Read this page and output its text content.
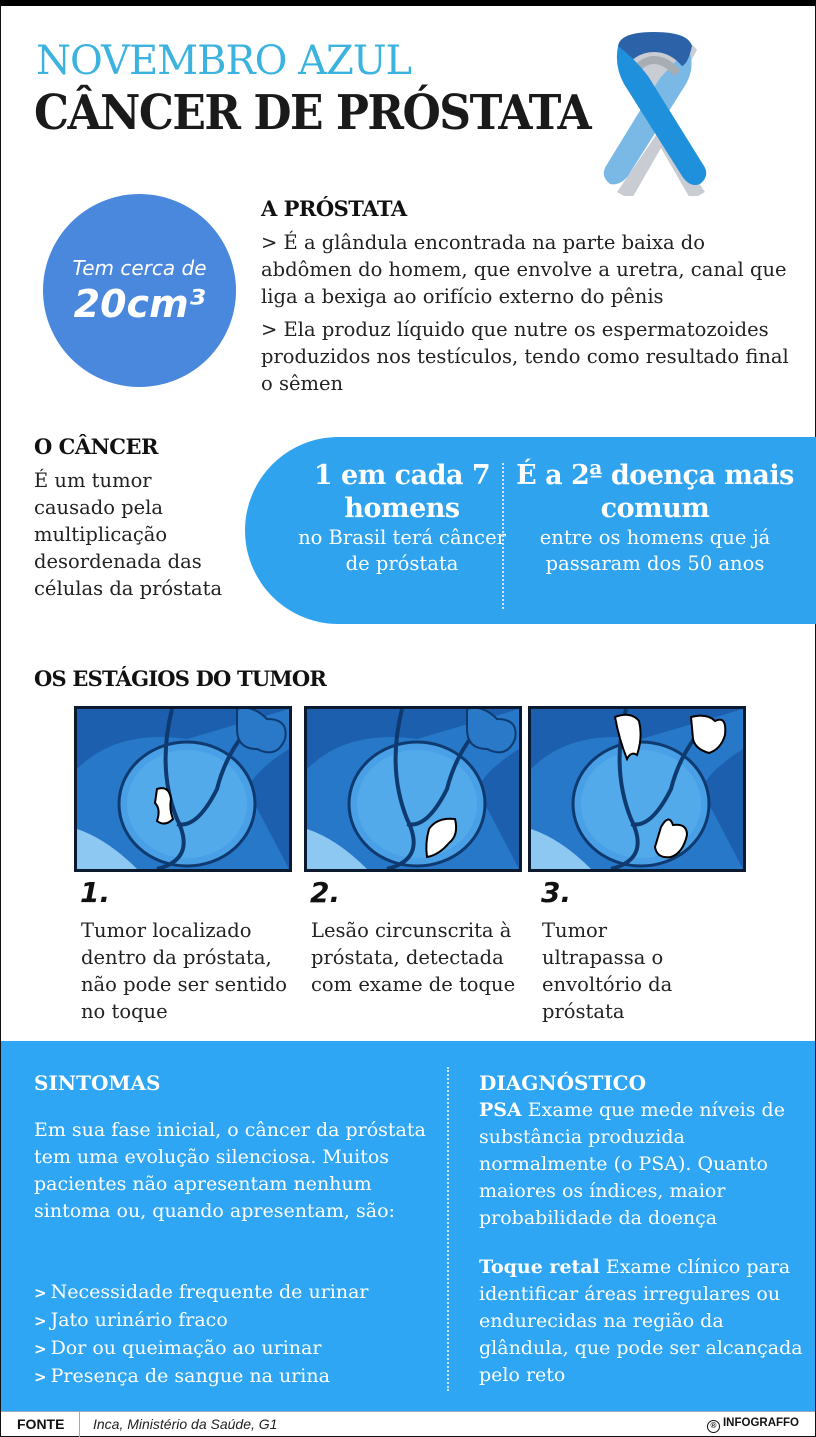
NOVEMBRO AZUL
CÂNCER DE PRÓSTATA
Tem cerca de
20cm³
A PRÓSTATA
> É a glândula encontrada na parte baixa do abdômen do homem, que envolve a uretra, canal que liga a bexiga ao orifício externo do pênis
> Ela produz líquido que nutre os espermatozoides produzidos nos testículos, tendo como resultado final o sêmen
O CÂNCER
É um tumor causado pela multiplicação desordenada das células da próstata
1 em cada 7 homens
no Brasil terá câncer de próstata
É a 2ª doença mais comum
entre os homens que já passaram dos 50 anos
OS ESTÁGIOS DO TUMOR
1.	2.	3.
Tumor localizado dentro da próstata, não pode ser sentido no toque
Lesão circunscrita à próstata, detectada com exame de toque
Tumor ultrapassa o envoltório da próstata
SINTOMAS
Em sua fase inicial, o câncer da próstata tem uma evolução silenciosa. Muitos pacientes não apresentam nenhum sintoma ou, quando apresentam, são:
> Necessidade frequente de urinar
> Jato urinário fraco
> Dor ou queimação ao urinar
> Presença de sangue na urina
DIAGNÓSTICO
PSA Exame que mede níveis de substância produzida normalmente (o PSA). Quanto maiores os índices, maior probabilidade da doença
Toque retal Exame clínico para identificar áreas irregulares ou endurecidas na região da glândula, que pode ser alcançada pelo reto
FONTE Inca, Ministério da Saúde, G1	® INFOGRAFFO
